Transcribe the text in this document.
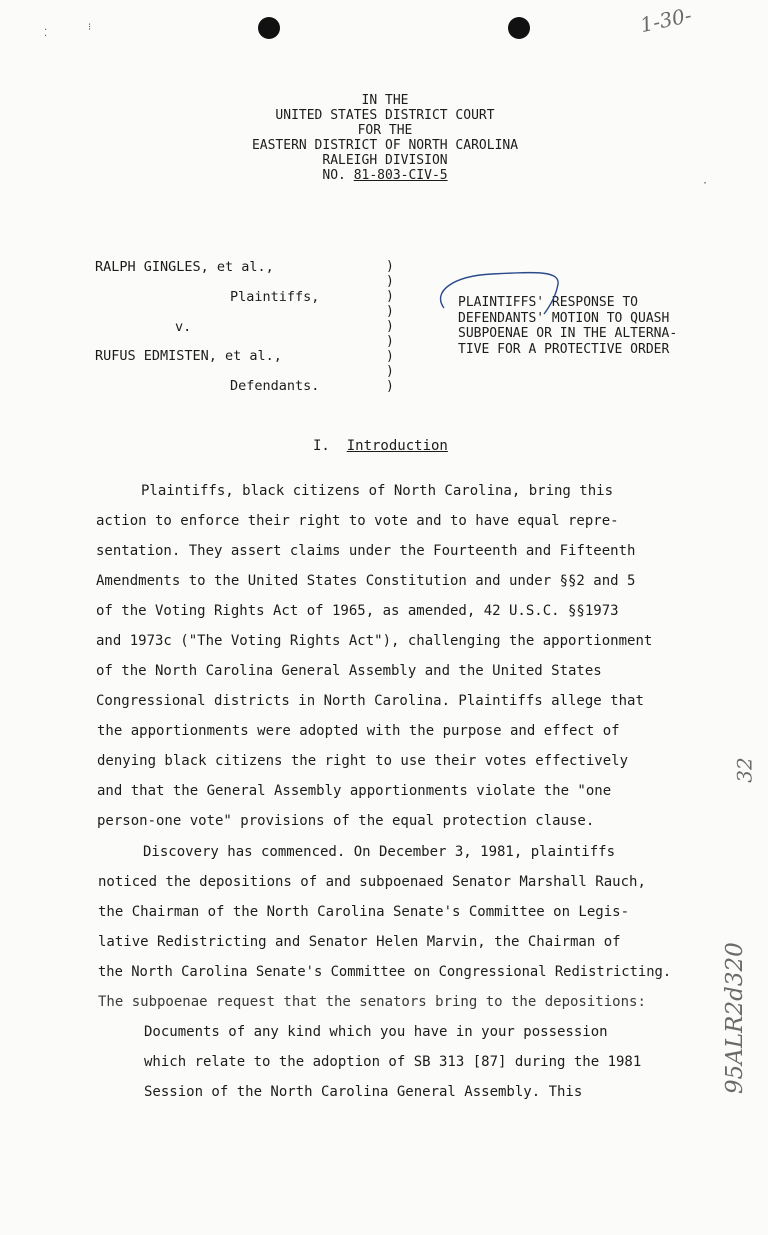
⁚
⁝
·
1-30-
32
95ALR2d320
IN THE
UNITED STATES DISTRICT COURT
FOR THE
EASTERN DISTRICT OF NORTH CAROLINA
RALEIGH DIVISION
NO. 81-803-CIV-5
RALPH GINGLES, et al.,
Plaintiffs,
v.
RUFUS EDMISTEN, et al.,
Defendants.
)
)
)
)
)
)
)
)
)
PLAINTIFFS' RESPONSE TO
DEFENDANTS' MOTION TO QUASH
SUBPOENAE OR IN THE ALTERNA-
TIVE FOR A PROTECTIVE ORDER
I. Introduction
Plaintiffs, black citizens of North Carolina, bring this
action to enforce their right to vote and to have equal repre-
sentation. They assert claims under the Fourteenth and Fifteenth
Amendments to the United States Constitution and under §§2 and 5
of the Voting Rights Act of 1965, as amended, 42 U.S.C. §§1973
and 1973c ("The Voting Rights Act"), challenging the apportionment
of the North Carolina General Assembly and the United States
Congressional districts in North Carolina. Plaintiffs allege that
the apportionments were adopted with the purpose and effect of
denying black citizens the right to use their votes effectively
and that the General Assembly apportionments violate the "one
person-one vote" provisions of the equal protection clause.
Discovery has commenced. On December 3, 1981, plaintiffs
noticed the depositions of and subpoenaed Senator Marshall Rauch,
the Chairman of the North Carolina Senate's Committee on Legis-
lative Redistricting and Senator Helen Marvin, the Chairman of
the North Carolina Senate's Committee on Congressional Redistricting.
The subpoenae request that the senators bring to the depositions:
Documents of any kind which you have in your possession
which relate to the adoption of SB 313 [87] during the 1981
Session of the North Carolina General Assembly. This
